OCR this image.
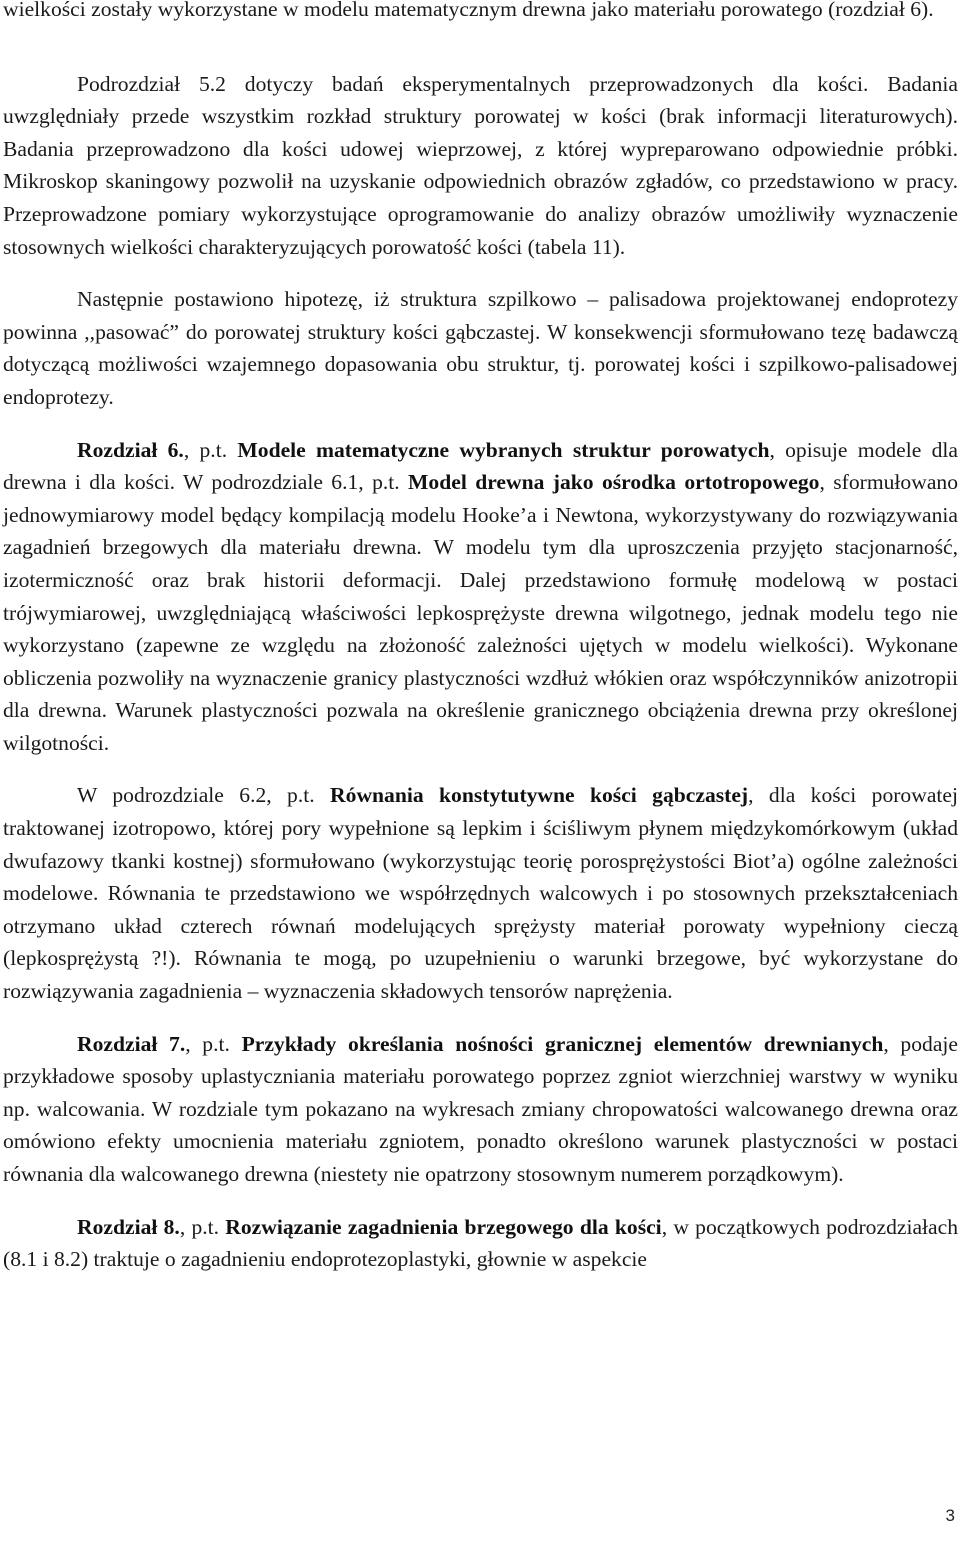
wielkości zostały wykorzystane w modelu matematycznym drewna jako materiału porowatego (rozdział 6).

Podrozdział 5.2 dotyczy badań eksperymentalnych przeprowadzonych dla kości. Badania uwzględniały przede wszystkim rozkład struktury porowatej w kości (brak informacji literaturowych). Badania przeprowadzono dla kości udowej wieprzowej, z której wypreparowano odpowiednie próbki. Mikroskop skaningowy pozwolił na uzyskanie odpowiednich obrazów zgładów, co przedstawiono w pracy. Przeprowadzone pomiary wykorzystujące oprogramowanie do analizy obrazów umożliwiły wyznaczenie stosownych wielkości charakteryzujących porowatość kości (tabela 11).

Następnie postawiono hipotezę, iż struktura szpilkowo – palisadowa projektowanej endoprotezy powinna ,,pasować” do porowatej struktury kości gąbczastej. W konsekwencji sformułowano tezę badawczą dotyczącą możliwości wzajemnego dopasowania obu struktur, tj. porowatej kości i szpilkowo-palisadowej endoprotezy.

Rozdział 6., p.t. Modele matematyczne wybranych struktur porowatych, opisuje modele dla drewna i dla kości. W podrozdziale 6.1, p.t. Model drewna jako ośrodka ortotropowego, sformułowano jednowymiarowy model będący kompilacją modelu Hooke’a i Newtona, wykorzystywany do rozwiązywania zagadnień brzegowych dla materiału drewna. W modelu tym dla uproszczenia przyjęto stacjonarność, izotermiczność oraz brak historii deformacji. Dalej przedstawiono formułę modelową w postaci trójwymiarowej, uwzględniającą właściwości lepkosprężyste drewna wilgotnego, jednak modelu tego nie wykorzystano (zapewne ze względu na złożoność zależności ujętych w modelu wielkości). Wykonane obliczenia pozwoliły na wyznaczenie granicy plastyczności wzdłuż włókien oraz współczynników anizotropii dla drewna. Warunek plastyczności pozwala na określenie granicznego obciążenia drewna przy określonej wilgotności.

W podrozdziale 6.2, p.t. Równania konstytutywne kości gąbczastej, dla kości porowatej traktowanej izotropowo, której pory wypełnione są lepkim i ściśliwym płynem międzykomórkowym (układ dwufazowy tkanki kostnej) sformułowano (wykorzystując teorię porosprężystości Biot’a) ogólne zależności modelowe. Równania te przedstawiono we współrzędnych walcowych i po stosownych przekształceniach otrzymano układ czterech równań modelujących sprężysty materiał porowaty wypełniony cieczą (lepkosprężystą ?!). Równania te mogą, po uzupełnieniu o warunki brzegowe, być wykorzystane do rozwiązywania zagadnienia – wyznaczenia składowych tensorów naprężenia.

Rozdział 7., p.t. Przykłady określania nośności granicznej elementów drewnianych, podaje przykładowe sposoby uplastyczniania materiału porowatego poprzez zgniot wierzchniej warstwy w wyniku np. walcowania. W rozdziale tym pokazano na wykresach zmiany chropowatości walcowanego drewna oraz omówiono efekty umocnienia materiału zgniotem, ponadto określono warunek plastyczności w postaci równania dla walcowanego drewna (niestety nie opatrzony stosownym numerem porządkowym).

Rozdział 8., p.t. Rozwiązanie zagadnienia brzegowego dla kości, w początkowych podrozdziałach (8.1 i 8.2) traktuje o zagadnieniu endoprotezoplastyki, głownie w aspekcie

3
